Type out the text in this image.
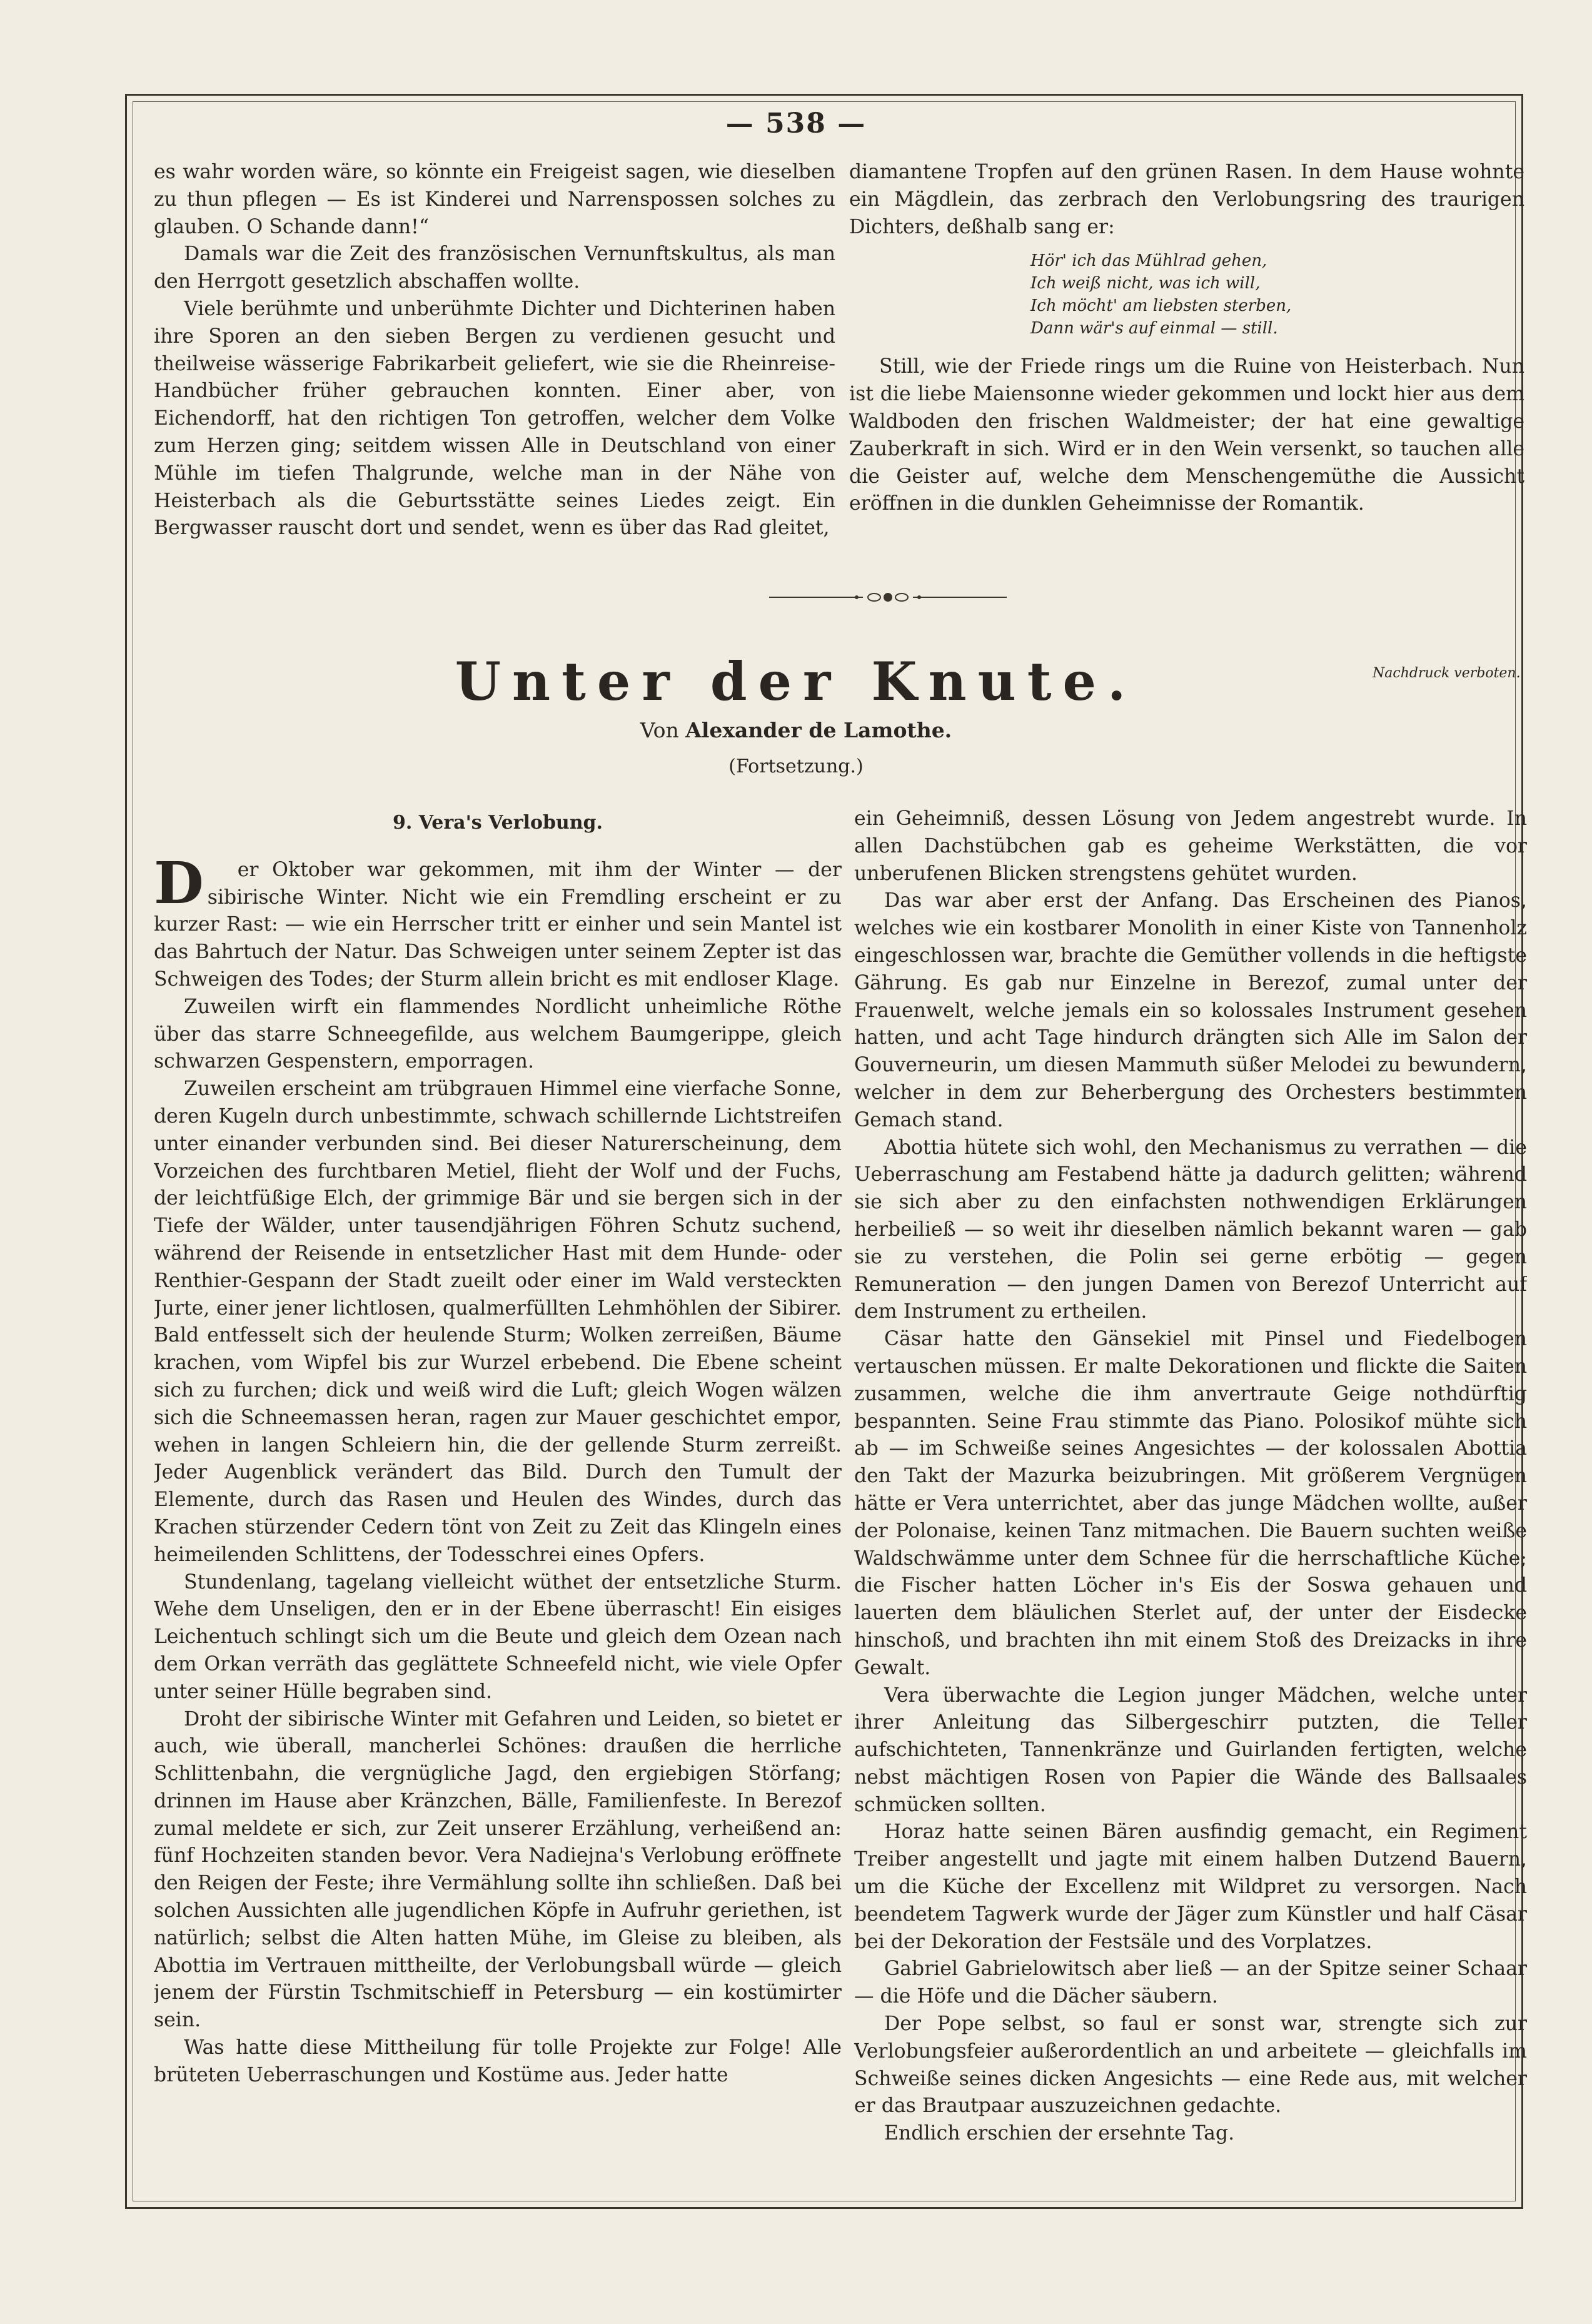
— 538 —

es wahr worden wäre, so könnte ein Freigeist sagen, wie dieselben zu thun pflegen — Es ist Kinderei und Narrenspossen solches zu glauben. O Schande dann!“

Damals war die Zeit des französischen Vernunftskultus, als man den Herrgott gesetzlich abschaffen wollte.

Viele berühmte und unberühmte Dichter und Dichterinen haben ihre Sporen an den sieben Bergen zu verdienen gesucht und theilweise wässerige Fabrikarbeit geliefert, wie sie die Rheinreise-Handbücher früher gebrauchen konnten. Einer aber, von Eichendorff, hat den richtigen Ton getroffen, welcher dem Volke zum Herzen ging; seitdem wissen Alle in Deutschland von einer Mühle im tiefen Thalgrunde, welche man in der Nähe von Heisterbach als die Geburtsstätte seines Liedes zeigt. Ein Bergwasser rauscht dort und sendet, wenn es über das Rad gleitet,

diamantene Tropfen auf den grünen Rasen. In dem Hause wohnte ein Mägdlein, das zerbrach den Verlobungsring des traurigen Dichters, deßhalb sang er:

Hör' ich das Mühlrad gehen,
Ich weiß nicht, was ich will,
Ich möcht' am liebsten sterben,
Dann wär's auf einmal — still.

Still, wie der Friede rings um die Ruine von Heisterbach. Nun ist die liebe Maiensonne wieder gekommen und lockt hier aus dem Waldboden den frischen Waldmeister; der hat eine gewaltige Zauberkraft in sich. Wird er in den Wein versenkt, so tauchen alle die Geister auf, welche dem Menschengemüthe die Aussicht eröffnen in die dunklen Geheimnisse der Romantik.

Unter der Knute.	Nachdruck verboten.
Von Alexander de Lamothe.
(Fortsetzung.)
9. Vera's Verlobung.

D er Oktober war gekommen, mit ihm der Winter — der sibirische Winter. Nicht wie ein Fremdling erscheint er zu kurzer Rast: — wie ein Herrscher tritt er einher und sein Mantel ist das Bahrtuch der Natur. Das Schweigen unter seinem Zepter ist das Schweigen des Todes; der Sturm allein bricht es mit endloser Klage.

Zuweilen wirft ein flammendes Nordlicht unheimliche Röthe über das starre Schneegefilde, aus welchem Baumgerippe, gleich schwarzen Gespenstern, emporragen.

Zuweilen erscheint am trübgrauen Himmel eine vierfache Sonne, deren Kugeln durch unbestimmte, schwach schillernde Lichtstreifen unter einander verbunden sind. Bei dieser Naturerscheinung, dem Vorzeichen des furchtbaren Metiel, flieht der Wolf und der Fuchs, der leichtfüßige Elch, der grimmige Bär und sie bergen sich in der Tiefe der Wälder, unter tausendjährigen Föhren Schutz suchend, während der Reisende in entsetzlicher Hast mit dem Hunde- oder Renthier-Gespann der Stadt zueilt oder einer im Wald versteckten Jurte, einer jener lichtlosen, qualmerfüllten Lehmhöhlen der Sibirer. Bald entfesselt sich der heulende Sturm; Wolken zerreißen, Bäume krachen, vom Wipfel bis zur Wurzel erbebend. Die Ebene scheint sich zu furchen; dick und weiß wird die Luft; gleich Wogen wälzen sich die Schneemassen heran, ragen zur Mauer geschichtet empor, wehen in langen Schleiern hin, die der gellende Sturm zerreißt. Jeder Augenblick verändert das Bild. Durch den Tumult der Elemente, durch das Rasen und Heulen des Windes, durch das Krachen stürzender Cedern tönt von Zeit zu Zeit das Klingeln eines heimeilenden Schlittens, der Todesschrei eines Opfers.

Stundenlang, tagelang vielleicht wüthet der entsetzliche Sturm. Wehe dem Unseligen, den er in der Ebene überrascht! Ein eisiges Leichentuch schlingt sich um die Beute und gleich dem Ozean nach dem Orkan verräth das geglättete Schneefeld nicht, wie viele Opfer unter seiner Hülle begraben sind.

Droht der sibirische Winter mit Gefahren und Leiden, so bietet er auch, wie überall, mancherlei Schönes: draußen die herrliche Schlittenbahn, die vergnügliche Jagd, den ergiebigen Störfang; drinnen im Hause aber Kränzchen, Bälle, Familienfeste. In Berezof zumal meldete er sich, zur Zeit unserer Erzählung, verheißend an: fünf Hochzeiten standen bevor. Vera Nadiejna's Verlobung eröffnete den Reigen der Feste; ihre Vermählung sollte ihn schließen. Daß bei solchen Aussichten alle jugendlichen Köpfe in Aufruhr geriethen, ist natürlich; selbst die Alten hatten Mühe, im Gleise zu bleiben, als Abottia im Vertrauen mittheilte, der Verlobungsball würde — gleich jenem der Fürstin Tschmitschieff in Petersburg — ein kostümirter sein.

Was hatte diese Mittheilung für tolle Projekte zur Folge! Alle brüteten Ueberraschungen und Kostüme aus. Jeder hatte

ein Geheimniß, dessen Lösung von Jedem angestrebt wurde. In allen Dachstübchen gab es geheime Werkstätten, die vor unberufenen Blicken strengstens gehütet wurden.

Das war aber erst der Anfang. Das Erscheinen des Pianos, welches wie ein kostbarer Monolith in einer Kiste von Tannenholz eingeschlossen war, brachte die Gemüther vollends in die heftigste Gährung. Es gab nur Einzelne in Berezof, zumal unter der Frauenwelt, welche jemals ein so kolossales Instrument gesehen hatten, und acht Tage hindurch drängten sich Alle im Salon der Gouverneurin, um diesen Mammuth süßer Melodei zu bewundern, welcher in dem zur Beherbergung des Orchesters bestimmten Gemach stand.

Abottia hütete sich wohl, den Mechanismus zu verrathen — die Ueberraschung am Festabend hätte ja dadurch gelitten; während sie sich aber zu den einfachsten nothwendigen Erklärungen herbeiließ — so weit ihr dieselben nämlich bekannt waren — gab sie zu verstehen, die Polin sei gerne erbötig — gegen Remuneration — den jungen Damen von Berezof Unterricht auf dem Instrument zu ertheilen.

Cäsar hatte den Gänsekiel mit Pinsel und Fiedelbogen vertauschen müssen. Er malte Dekorationen und flickte die Saiten zusammen, welche die ihm anvertraute Geige nothdürftig bespannten. Seine Frau stimmte das Piano. Polosikof mühte sich ab — im Schweiße seines Angesichtes — der kolossalen Abottia den Takt der Mazurka beizubringen. Mit größerem Vergnügen hätte er Vera unterrichtet, aber das junge Mädchen wollte, außer der Polonaise, keinen Tanz mitmachen. Die Bauern suchten weiße Waldschwämme unter dem Schnee für die herrschaftliche Küche; die Fischer hatten Löcher in's Eis der Soswa gehauen und lauerten dem bläulichen Sterlet auf, der unter der Eisdecke hinschoß, und brachten ihn mit einem Stoß des Dreizacks in ihre Gewalt.

Vera überwachte die Legion junger Mädchen, welche unter ihrer Anleitung das Silbergeschirr putzten, die Teller aufschichteten, Tannenkränze und Guirlanden fertigten, welche nebst mächtigen Rosen von Papier die Wände des Ballsaales schmücken sollten.

Horaz hatte seinen Bären ausfindig gemacht, ein Regiment Treiber angestellt und jagte mit einem halben Dutzend Bauern, um die Küche der Excellenz mit Wildpret zu versorgen. Nach beendetem Tagwerk wurde der Jäger zum Künstler und half Cäsar bei der Dekoration der Festsäle und des Vorplatzes.

Gabriel Gabrielowitsch aber ließ — an der Spitze seiner Schaar — die Höfe und die Dächer säubern.

Der Pope selbst, so faul er sonst war, strengte sich zur Verlobungsfeier außerordentlich an und arbeitete — gleichfalls im Schweiße seines dicken Angesichts — eine Rede aus, mit welcher er das Brautpaar auszuzeichnen gedachte.

Endlich erschien der ersehnte Tag.
